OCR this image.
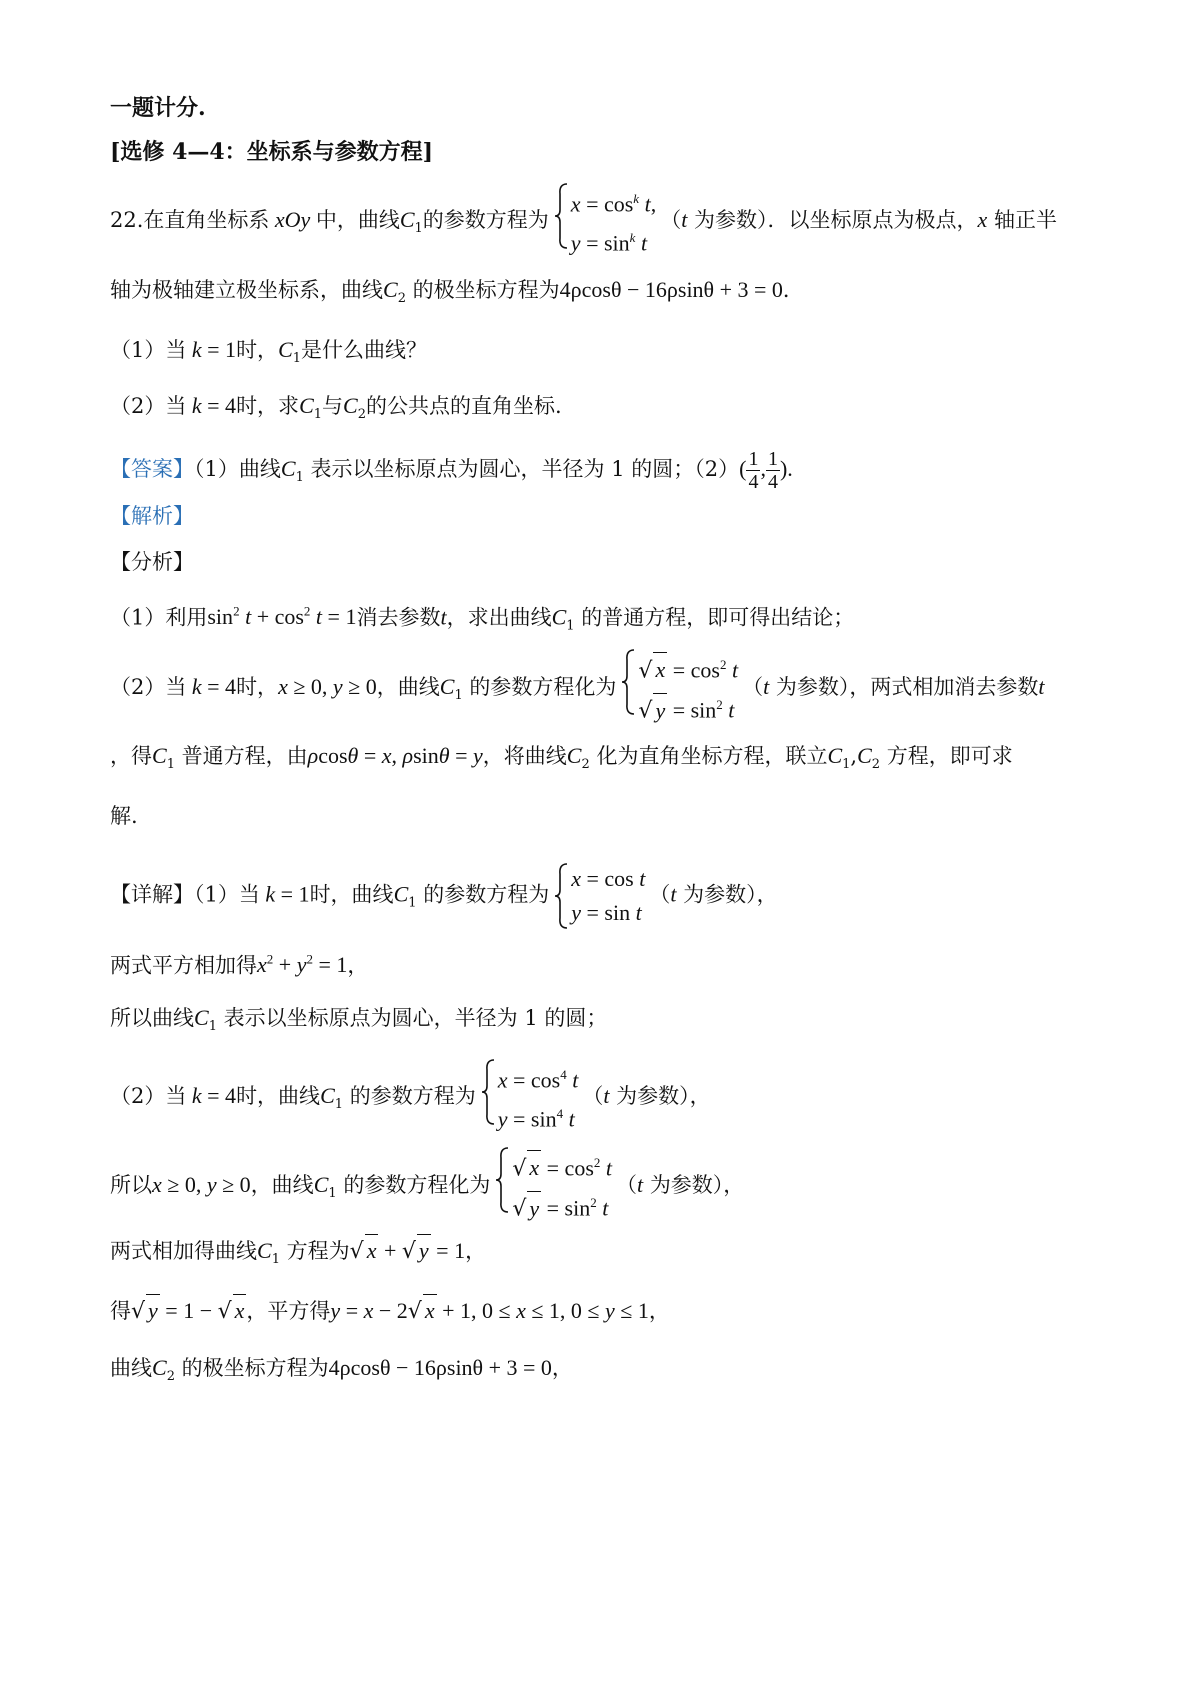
一题计分.
[选修 4—4：坐标系与参数方程]
22.在直角坐标系 xOy 中，曲线$C_1$的参数方程为
$x = \cos^k t$,
$y = \sin^k t$
（t 为参数）．以坐标原点为极点，x 轴正半
轴为极轴建立极坐标系，曲线$C_2$ 的极坐标方程为4ρcosθ − 16ρsinθ + 3 = 0．
（1）当 k = 1时，$C_1$是什么曲线？
（2）当 k = 4时，求$C_1$与$C_2$的公共点的直角坐标.
【答案】（1）曲线$C_1$ 表示以坐标原点为圆心，半径为 1 的圆；$(2)( \frac{1}{4}$ , $\frac{1}{4}$ ).
【解析】
【分析】
（1）利用$\sin^2 t + \cos^2 t = 1$消去参数t，求出曲线$C_1$ 的普通方程，即可得出结论；
（2）当 k = 4时，x ≥ 0, y ≥ 0，曲线$C_1$ 的参数方程化为
√ $x = \cos^2 t$
√ $y = \sin^2 t$
（t 为参数），两式相加消去参数t
，得$C_1$ 普通方程，由ρcosθ = x, ρsinθ = y，将曲线$C_2$ 化为直角坐标方程，联立$C_1,C_2$ 方程，即可求
解.
【详解】（1）当 k = 1时，曲线$C_1$ 的参数方程为
x = cos t
y = sin t
（t 为参数），
两式平方相加得$x^2 + y^2 = 1$，
所以曲线$C_1$ 表示以坐标原点为圆心，半径为 1 的圆；
（2）当 k = 4时，曲线$C_1$ 的参数方程为
$x = \cos^4 t$
$y = \sin^4 t$
（t 为参数），
所以x ≥ 0, y ≥ 0，曲线$C_1$ 的参数方程化为
√ $x = \cos^2 t$
√ $y = \sin^2 t$
（t 为参数），
两式相加得曲线$C_1$ 方程为√ x + √ y = 1，
得√ y = 1 − √ x，平方得y = x − 2√ x + 1, 0 ≤ x ≤ 1, 0 ≤ y ≤ 1，
曲线$C_2$ 的极坐标方程为4ρcosθ − 16ρsinθ + 3 = 0，
